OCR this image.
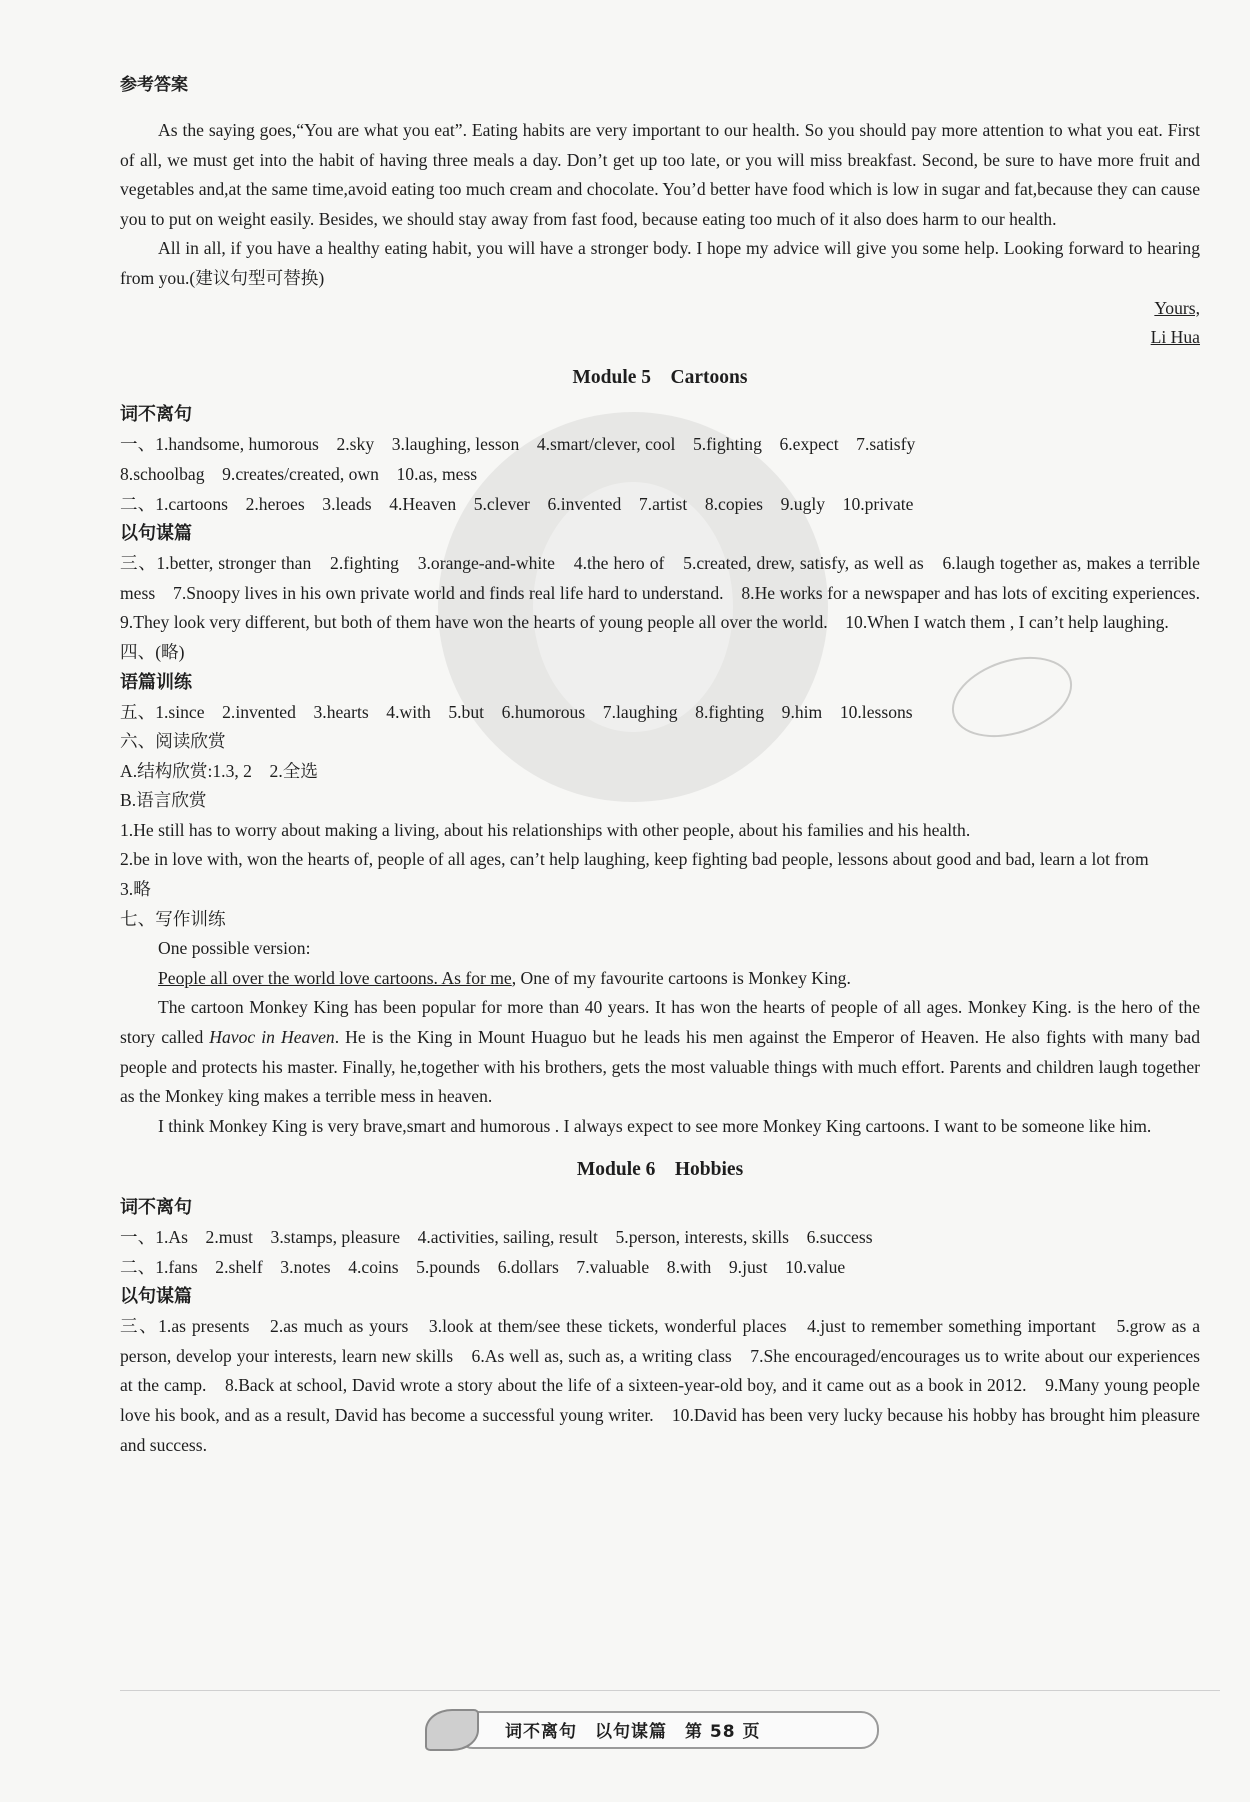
参考答案

As the saying goes,“You are what you eat”. Eating habits are very important to our health. So you should pay more attention to what you eat. First of all, we must get into the habit of having three meals a day. Don’t get up too late, or you will miss breakfast. Second, be sure to have more fruit and vegetables and,at the same time,avoid eating too much cream and chocolate. You’d better have food which is low in sugar and fat,because they can cause you to put on weight easily. Besides, we should stay away from fast food, because eating too much of it also does harm to our health.

All in all, if you have a healthy eating habit, you will have a stronger body. I hope my advice will give you some help. Looking forward to hearing from you.(建议句型可替换)

Yours,

Li Hua

Module 5　Cartoons

词不离句

一、1.handsome, humorous　2.sky　3.laughing, lesson　4.smart/clever, cool　5.fighting　6.expect　7.satisfy

8.schoolbag　9.creates/created, own　10.as, mess

二、1.cartoons　2.heroes　3.leads　4.Heaven　5.clever　6.invented　7.artist　8.copies　9.ugly　10.private

以句谋篇

三、1.better, stronger than　2.fighting　3.orange-and-white　4.the hero of　5.created, drew, satisfy, as well as　6.laugh together as, makes a terrible mess　7.Snoopy lives in his own private world and finds real life hard to understand.　8.He works for a newspaper and has lots of exciting experiences.　9.They look very different, but both of them have won the hearts of young people all over the world.　10.When I watch them , I can’t help laughing.

四、(略)

语篇训练

五、1.since　2.invented　3.hearts　4.with　5.but　6.humorous　7.laughing　8.fighting　9.him　10.lessons

六、阅读欣赏

A.结构欣赏:1.3, 2　2.全选

B.语言欣赏

1.He still has to worry about making a living, about his relationships with other people, about his families and his health.

2.be in love with, won the hearts of, people of all ages, can’t help laughing, keep fighting bad people, lessons about good and bad, learn a lot from

3.略

七、写作训练

One possible version:

People all over the world love cartoons. As for me, One of my favourite cartoons is Monkey King.

The cartoon Monkey King has been popular for more than 40 years. It has won the hearts of people of all ages. Monkey King. is the hero of the story called Havoc in Heaven. He is the King in Mount Huaguo but he leads his men against the Emperor of Heaven. He also fights with many bad people and protects his master. Finally, he,together with his brothers, gets the most valuable things with much effort. Parents and children laugh together as the Monkey king makes a terrible mess in heaven.

I think Monkey King is very brave,smart and humorous . I always expect to see more Monkey King cartoons. I want to be someone like him.

Module 6　Hobbies

词不离句

一、1.As　2.must　3.stamps, pleasure　4.activities, sailing, result　5.person, interests, skills　6.success

二、1.fans　2.shelf　3.notes　4.coins　5.pounds　6.dollars　7.valuable　8.with　9.just　10.value

以句谋篇

三、1.as presents　2.as much as yours　3.look at them/see these tickets, wonderful places　4.just to remember something important　5.grow as a person, develop your interests, learn new skills　6.As well as, such as, a writing class　7.She encouraged/encourages us to write about our experiences at the camp.　8.Back at school, David wrote a story about the life of a sixteen-year-old boy, and it came out as a book in 2012.　9.Many young people love his book, and as a result, David has become a successful young writer.　10.David has been very lucky because his hobby has brought him pleasure and success.

词不离句　以句谋篇　第 58 页
